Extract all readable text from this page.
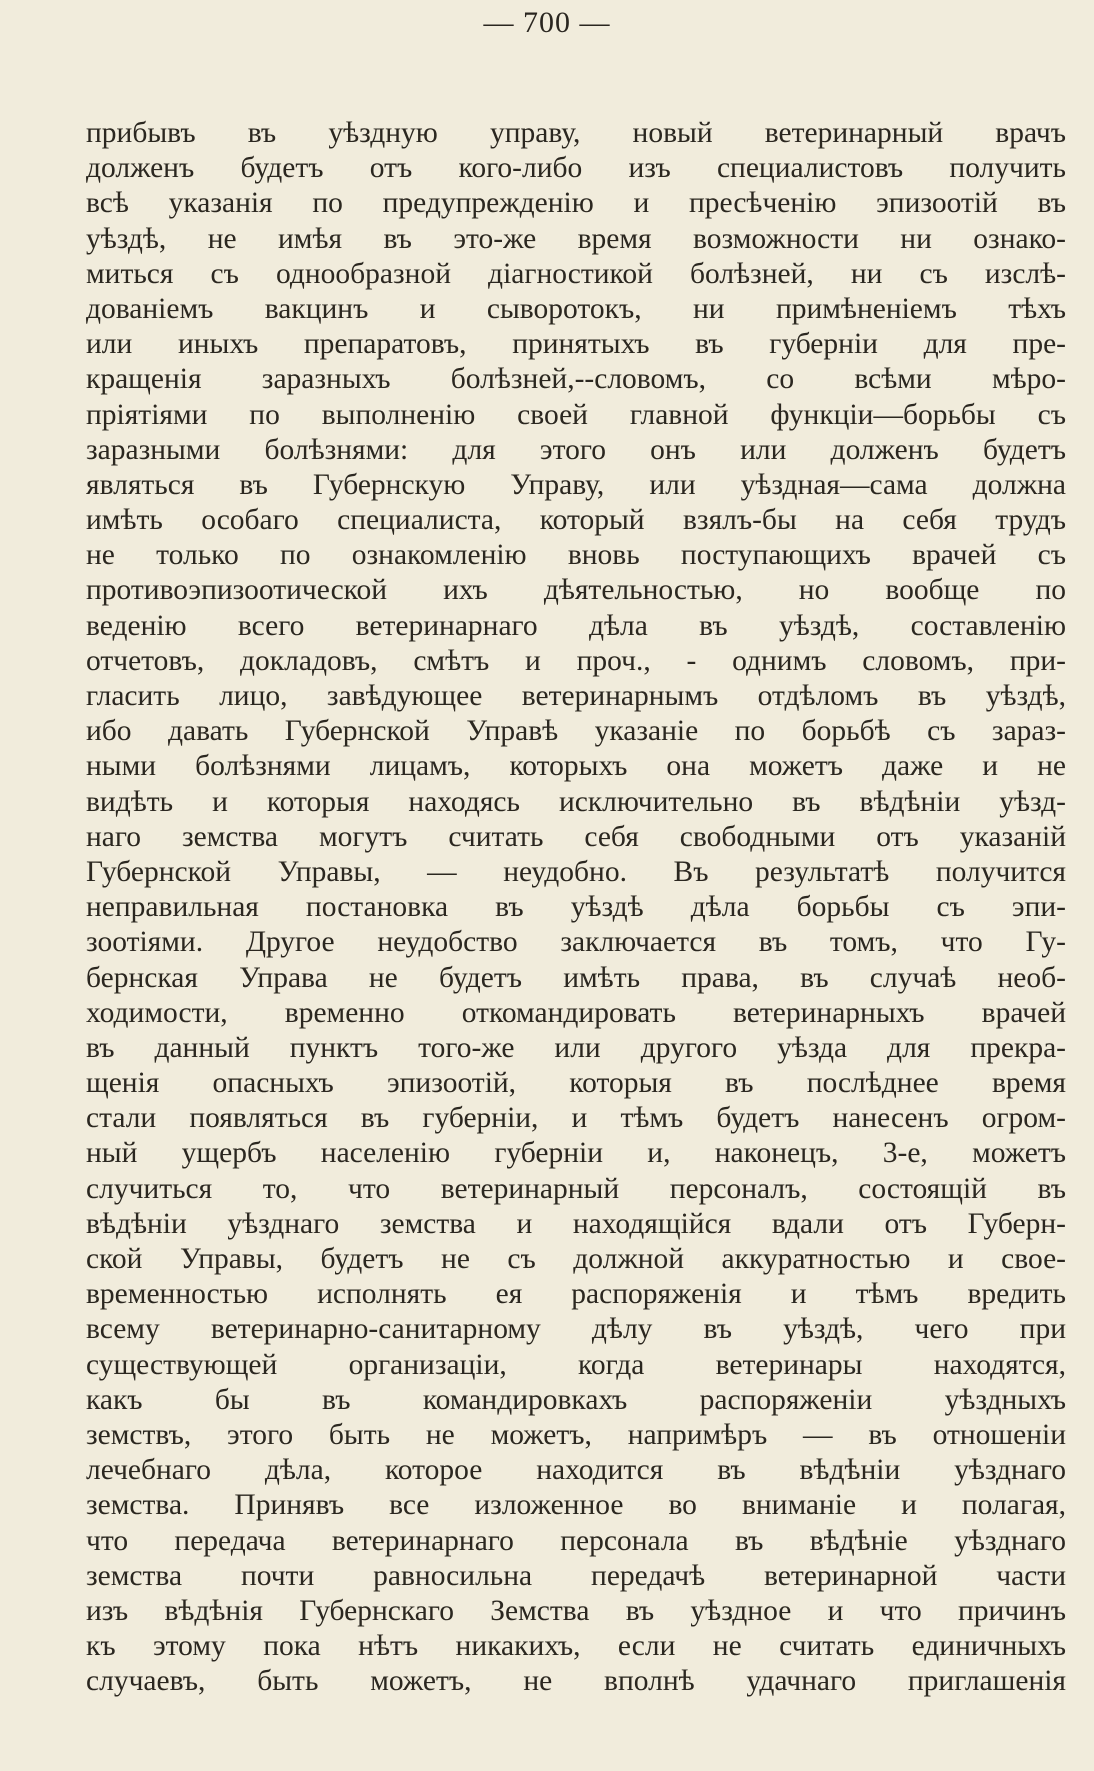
— 700 —
прибывъ въ уѣздную управу, новый ветеринарный врачъ
долженъ будетъ отъ кого-либо изъ специалистовъ получить
всѣ указанія по предупрежденію и пресѣченію эпизоотій въ
уѣздѣ, не имѣя въ это-же время возможности ни ознако-
миться съ однообразной діагностикой болѣзней, ни съ изслѣ-
дованіемъ вакцинъ и сыворотокъ, ни примѣненіемъ тѣхъ
или иныхъ препаратовъ, принятыхъ въ губерніи для пре-
кращенія заразныхъ болѣзней,--словомъ, со всѣми мѣро-
пріятіями по выполненію своей главной функціи—борьбы съ
заразными болѣзнями: для этого онъ или долженъ будетъ
являться въ Губернскую Управу, или уѣздная—сама должна
имѣть особаго специалиста, который взялъ-бы на себя трудъ
не только по ознакомленію вновь поступающихъ врачей съ
противоэпизоотической ихъ дѣятельностью, но вообще по
веденію всего ветеринарнаго дѣла въ уѣздѣ, составленію
отчетовъ, докладовъ, смѣтъ и проч., - однимъ словомъ, при-
гласить лицо, завѣдующее ветеринарнымъ отдѣломъ въ уѣздѣ,
ибо давать Губернской Управѣ указаніе по борьбѣ съ зараз-
ными болѣзнями лицамъ, которыхъ она можетъ даже и не
видѣть и которыя находясь исключительно въ вѣдѣніи уѣзд-
наго земства могутъ считать себя свободными отъ указаній
Губернской Управы, — неудобно. Въ результатѣ получится
неправильная постановка въ уѣздѣ дѣла борьбы съ эпи-
зоотіями. Другое неудобство заключается въ томъ, что Гу-
бернская Управа не будетъ имѣть права, въ случаѣ необ-
ходимости, временно откомандировать ветеринарныхъ врачей
въ данный пунктъ того-же или другого уѣзда для прекра-
щенія опасныхъ эпизоотій, которыя въ послѣднее время
стали появляться въ губерніи, и тѣмъ будетъ нанесенъ огром-
ный ущербъ населенію губерніи и, наконецъ, 3-е, можетъ
случиться то, что ветеринарный персоналъ, состоящій въ
вѣдѣніи уѣзднаго земства и находящійся вдали отъ Губерн-
ской Управы, будетъ не съ должной аккуратностью и свое-
временностью исполнять ея распоряженія и тѣмъ вредить
всему ветеринарно-санитарному дѣлу въ уѣздѣ, чего при
существующей организаціи, когда ветеринары находятся,
какъ бы въ командировкахъ распоряженіи уѣздныхъ
земствъ, этого быть не можетъ, напримѣръ — въ отношеніи
лечебнаго дѣла, которое находится въ вѣдѣніи уѣзднаго
земства. Принявъ все изложенное во вниманіе и полагая,
что передача ветеринарнаго персонала въ вѣдѣніе уѣзднаго
земства почти равносильна передачѣ ветеринарной части
изъ вѣдѣнія Губернскаго Земства въ уѣздное и что причинъ
къ этому пока нѣтъ никакихъ, если не считать единичныхъ
случаевъ, быть можетъ, не вполнѣ удачнаго приглашенія
